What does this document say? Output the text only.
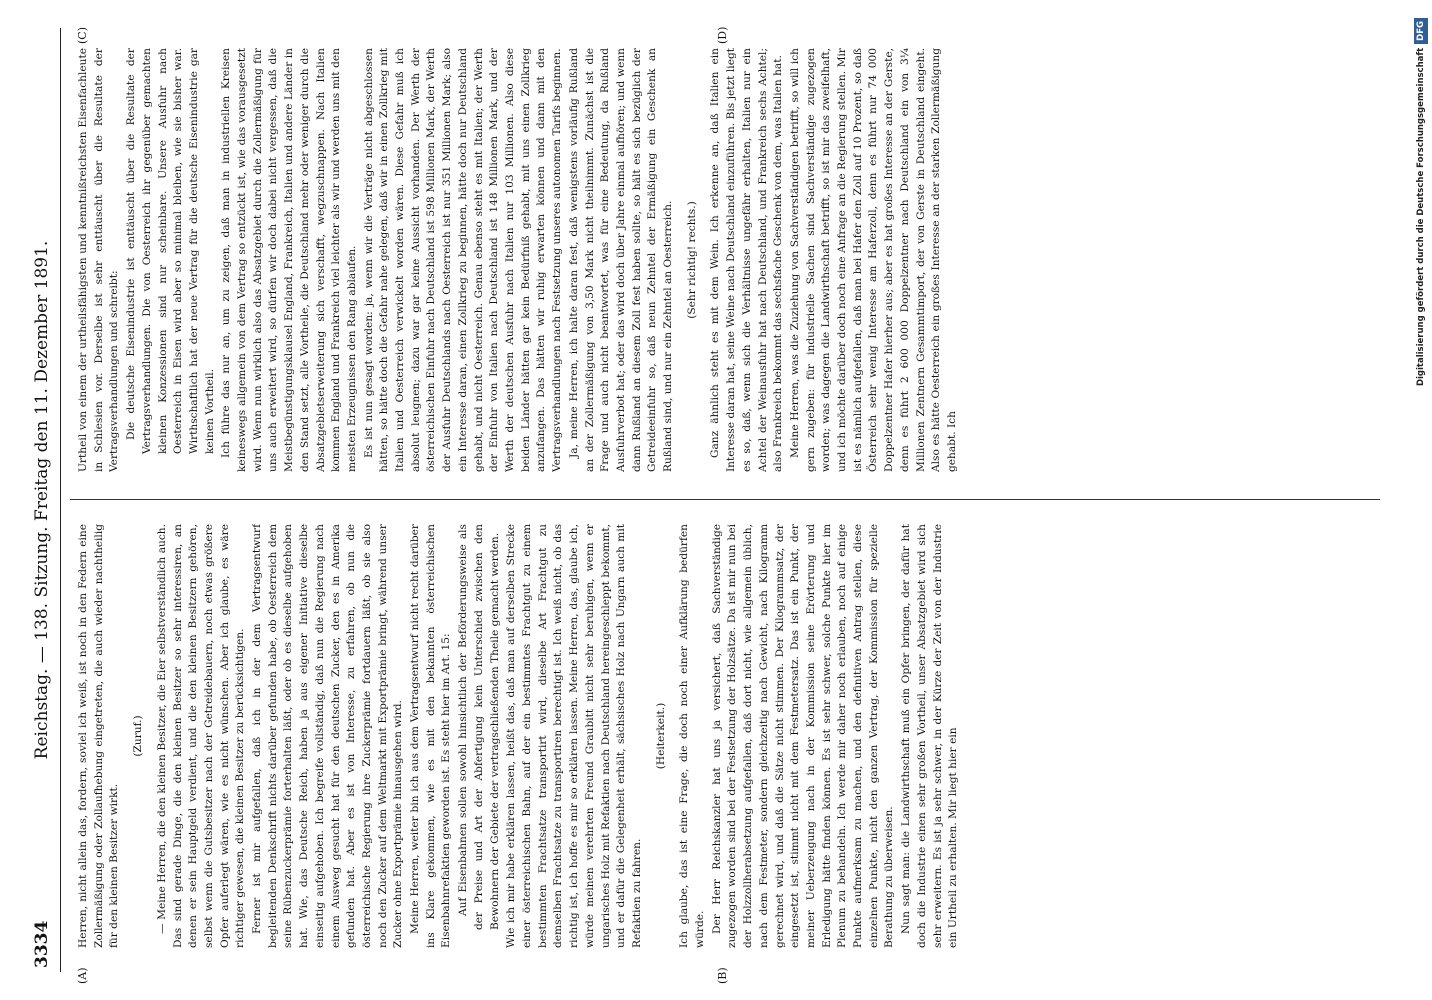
3334
Reichstag. — 138. Sitzung. Freitag den 11. Dezember 1891.
(A)	(B)
(C)	(D)

Herren, nicht allein das, fordern, soviel ich weiß, ist noch in den Federn eine Zollermäßigung oder Zollaufhebung eingetreten, die auch wieder nachtheilig für den kleinen Besitzer wirkt.

(Zuruf.) — Meine Herren, die den kleinen Besitzer, die Eier selbstverständlich auch. Das sind gerade Dinge, die den kleinen Besitzer so sehr interessiren, an denen er sein Hauptgeld verdient, und die den kleinen Besitzern gehören, selbst wenn die Gutsbesitzer nach der Getreidebauern, noch etwas größere Opfer auferlegt wären, wie es nicht wünschen. Aber ich glaube, es wäre richtiger gewesen, die kleinen Besitzer zu berücksichtigen. Ferner ist mir aufgefallen, daß ich in der dem Vertragsentwurf begleitenden Denkschrift nichts darüber gefunden habe, ob Oesterreich dem seine Rübenzuckerprämie forterhalten läßt, oder ob es dieselbe aufgehoben hat. Wie, das Deutsche Reich, haben ja aus eigener Initiative dieselbe einseitig aufgehoben. Ich begreife vollständig, daß nun die Regierung nach einem Ausweg gesucht hat für den deutschen Zucker, den es in Amerika gefunden hat. Aber es ist von Interesse, zu erfahren, ob nun die österreichische Regierung ihre Zuckerprämie fortdauern läßt, ob sie also noch den Zucker auf dem Weltmarkt mit Exportprämie bringt, während unser Zucker ohne Exportprämie hinausgehen wird. Meine Herren, weiter bin ich aus dem Vertragsentwurf nicht recht darüber ins Klare gekommen, wie es mit den bekannten österreichischen Eisenbahnrefaktien geworden ist. Es steht hier im Art. 15: Auf Eisenbahnen sollen sowohl hinsichtlich der Beförderungsweise als der Preise und Art der Abfertigung kein Unterschied zwischen den Bewohnern der Gebiete der vertragschließenden Theile gemacht werden. Wie ich mir habe erklären lassen, heißt das, daß man auf derselben Strecke einer österreichischen Bahn, auf der ein bestimmtes Frachtgut zu einem bestimmten Frachtsatze transportirt wird, dieselbe Art Frachtgut zu demselben Frachtsatze zu transportiren berechtigt ist. Ich weiß nicht, ob das richtig ist, ich hoffe es mir so erklären lassen. Meine Herren, das, glaube ich, würde meinen verehrten Freund Graubitt nicht sehr beruhigen, wenn er ungarisches Holz mit Refaktien nach Deutschland hereingeschleppt bekommt, und er dafür die Gelegenheit erhält, sächsisches Holz nach Ungarn auch mit Refaktien zu fahren.

(Heiterkeit.) Ich glaube, das ist eine Frage, die doch noch einer Aufklärung bedürfen würde. Der Herr Reichskanzler hat uns ja versichert, daß Sachverständige zugezogen worden sind bei der Festsetzung der Holzsätze. Da ist mir nun bei der Holzzollherabsetzung aufgefallen, daß dort nicht, wie allgemein üblich, nach dem Festmeter, sondern gleichzeitig nach Gewicht, nach Kilogramm gerechnet wird, und daß die Sätze nicht stimmen. Der Kilogrammsatz, der eingesetzt ist, stimmt nicht mit dem Festmetersatz. Das ist ein Punkt, der meiner Ueberzeugung nach in der Kommission seine Erörterung und Erledigung hätte finden können. Es ist sehr schwer, solche Punkte hier im Plenum zu behandeln. Ich werde mir daher noch erlauben, noch auf einige Punkte aufmerksam zu machen, und den definitiven Antrag stellen, diese einzelnen Punkte, nicht den ganzen Vertrag, der Kommission für spezielle Berathung zu überweisen. Nun sagt man: die Landwirthschaft muß ein Opfer bringen, der dafür hat doch die Industrie einen sehr großen Vortheil, unser Absatzgebiet wird sich sehr erweitern. Es ist ja sehr schwer, in der Kürze der Zeit von der Industrie ein Urtheil zu erhalten. Mir liegt hier ein

Urtheil von einem der urtheilsfähigsten und kenntnißreichsten Eisenfachleute in Schlesien vor. Derselbe ist sehr enttäuscht über die Resultate der Vertragsverhandlungen und schreibt: Die deutsche Eisenindustrie ist enttäuscht über die Resultate der Vertragsverhandlungen. Die von Oesterreich ihr gegenüber gemachten kleinen Konzessionen sind nur scheinbare. Unsere Ausfuhr nach Oesterreich in Eisen wird aber so minimal bleiben, wie sie bisher war. Wirthschaftlich hat der neue Vertrag für die deutsche Eisenindustrie gar keinen Vortheil. Ich führe das nur an, um zu zeigen, daß man in industriellen Kreisen keineswegs allgemein von dem Vertrag so entzückt ist, wie das vorausgesetzt wird. Wenn nun wirklich also das Absatzgebiet durch die Zollermäßigung für uns auch erweitert wird, so dürfen wir doch dabei nicht vergessen, daß die Meistbegünstigungsklausel England, Frankreich, Italien und andere Länder in den Stand setzt, alle Vortheile, die Deutschland mehr oder weniger durch die Absatzgebietserweiterung sich verschafft, wegzuschnappen. Nach Italien kommen England und Frankreich viel leichter als wir und werden uns mit den meisten Erzeugnissen den Rang ablaufen. Es ist nun gesagt worden: ja, wenn wir die Verträge nicht abgeschlossen hätten, so hätte doch die Gefahr nahe gelegen, daß wir in einen Zollkrieg mit Italien und Oesterreich verwickelt worden wären. Diese Gefahr muß ich absolut leugnen; dazu war gar keine Aussicht vorhanden. Der Werth der österreichischen Einfuhr nach Deutschland ist 598 Millionen Mark, der Werth der Ausfuhr Deutschlands nach Oesterreich ist nur 351 Millionen Mark; also ein Interesse daran, einen Zollkrieg zu beginnen, hätte doch nur Deutschland gehabt, und nicht Oesterreich. Genau ebenso steht es mit Italien; der Werth der Einfuhr von Italien nach Deutschland ist 148 Millionen Mark, und der Werth der deutschen Ausfuhr nach Italien nur 103 Millionen. Also diese beiden Länder hätten gar kein Bedürfniß gehabt, mit uns einen Zollkrieg anzufangen. Das hätten wir ruhig erwarten können und dann mit den Vertragsverhandlungen nach Festsetzung unseres autonomen Tarifs beginnen. Ja, meine Herren, ich halte daran fest, daß wenigstens vorläufig Rußland an der Zollermäßigung von 3,50 Mark nicht theilnimmt. Zunächst ist die Frage und auch nicht beantwortet, was für eine Bedeutung, da Rußland Ausfuhrverbot hat; oder das wird doch über Jahre einmal aufhören; und wenn dann Rußland an diesem Zoll fest haben sollte, so hält es sich bezüglich der Getreideeinfuhr so, daß neun Zehntel der Ermäßigung ein Geschenk an Rußland sind, und nur ein Zehntel an Oesterreich. (Sehr richtig! rechts.) Ganz ähnlich steht es mit dem Wein. Ich erkenne an, daß Italien ein Interesse daran hat, seine Weine nach Deutschland einzuführen. Bis jetzt liegt es so, daß, wenn sich die Verhältnisse ungefähr erhalten, Italien nur ein Achtel der Weinausfuhr hat nach Deutschland, und Frankreich sechs Achtel; also Frankreich bekommt das sechsfache Geschenk von dem, was Italien hat. Meine Herren, was die Zuziehung von Sachverständigen betrifft, so will ich gern zugeben: für industrielle Sachen sind Sachverständige zugezogen worden; was dagegen die Landwirthschaft betrifft, so ist mir das zweifelhaft, und ich möchte darüber doch noch eine Anfrage an die Regierung stellen. Mir ist es nämlich aufgefallen, daß man bei Hafer den Zoll auf 10 Prozent, so daß Österreich sehr wenig Interesse am Haferzoll, denn es führt nur 74 000 Doppelzentner Hafer hierher aus; aber es hat großes Interesse an der Gerste, denn es führt 2 600 000 Doppelzentner nach Deutschland ein von 3¼ Millionen Zentnern Gesammtimport, der von Gerste in Deutschland eingeht. Also es hätte Oesterreich ein großes Interesse an der starken Zollermäßigung gehabt. Ich

Digitalisierung gefördert durch die Deutsche ForschungsgemeinschaftDFG
